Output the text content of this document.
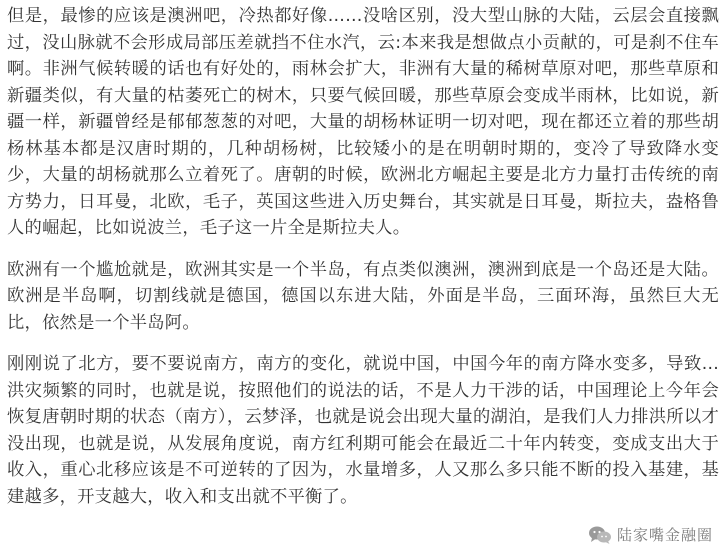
但是，最惨的应该是澳洲吧，冷热都好像……没啥区别，没大型山脉的大陆，云层会直接飘过，没山脉就不会形成局部压差就挡不住水汽，云:本来我是想做点小贡献的，可是刹不住车啊。非洲气候转暖的话也有好处的，雨林会扩大，非洲有大量的稀树草原对吧，那些草原和新疆类似，有大量的枯萎死亡的树木，只要气候回暖，那些草原会变成半雨林，比如说，新疆一样，新疆曾经是郁郁葱葱的对吧，大量的胡杨林证明一切对吧，现在都还立着的那些胡杨林基本都是汉唐时期的，几种胡杨树，比较矮小的是在明朝时期的，变冷了导致降水变少，大量的胡杨就那么立着死了。唐朝的时候，欧洲北方崛起主要是北方力量打击传统的南方势力，日耳曼，北欧，毛子，英国这些进入历史舞台，其实就是日耳曼，斯拉夫，盎格鲁人的崛起，比如说波兰，毛子这一片全是斯拉夫人。

欧洲有一个尴尬就是，欧洲其实是一个半岛，有点类似澳洲，澳洲到底是一个岛还是大陆。欧洲是半岛啊，切割线就是德国，德国以东进大陆，外面是半岛，三面环海，虽然巨大无比，依然是一个半岛阿。

刚刚说了北方，要不要说南方，南方的变化，就说中国，中国今年的南方降水变多，导致...洪灾频繁的同时，也就是说，按照他们的说法的话，不是人力干涉的话，中国理论上今年会恢复唐朝时期的状态（南方），云梦泽，也就是说会出现大量的湖泊，是我们人力排洪所以才没出现，也就是说，从发展角度说，南方红利期可能会在最近二十年内转变，变成支出大于收入，重心北移应该是不可逆转的了因为，水量增多，人又那么多只能不断的投入基建，基建越多，开支越大，收入和支出就不平衡了。

陆家嘴金融圈
